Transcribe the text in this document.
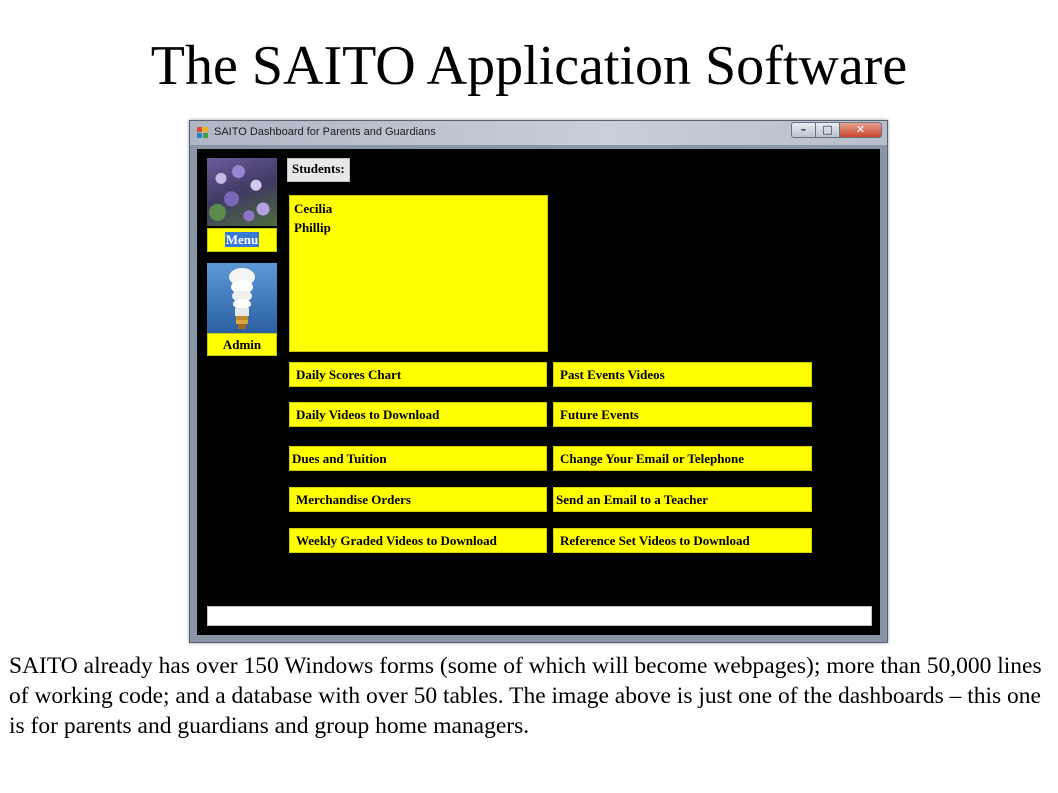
The SAITO Application Software
SAITO Dashboard for Parents and Guardians	–	□	✕
Menu
Admin
Students:
Cecilia
Phillip
Daily Scores Chart	Past Events Videos
Daily Videos to Download	Future Events
Dues and Tuition	Change Your Email or Telephone
Merchandise Orders	Send an Email to a Teacher
Weekly Graded Videos to Download	Reference Set Videos to Download
SAITO already has over 150 Windows forms (some of which will become webpages); more than 50,000 lines of working code; and a database with over 50 tables. The image above is just one of the dashboards – this one is for parents and guardians and group home managers.
